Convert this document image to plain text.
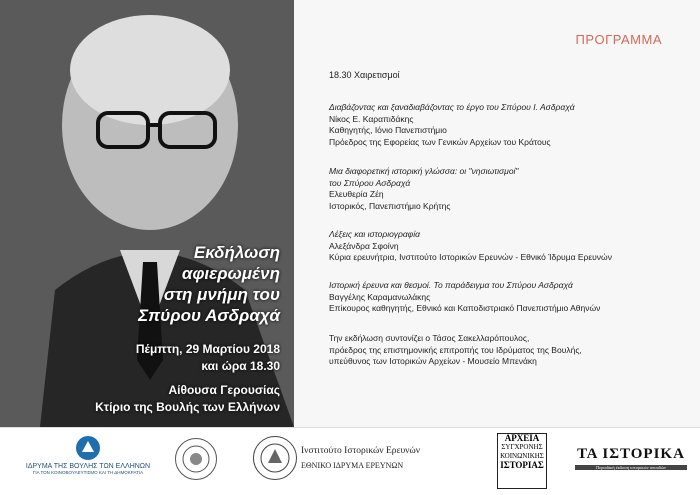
Εκδήλωση
αφιερωμένη
στη μνήμη του
Σπύρου Ασδραχά
Πέμπτη, 29 Μαρτίου 2018
και ώρα 18.30
Αίθουσα Γερουσίας
Κτίριο της Βουλής των Ελλήνων
ΠΡΟΓΡΑΜΜΑ
18.30 Χαιρετισμοί
Διαβάζοντας και ξαναδιαβάζοντας το έργο του Σπύρου Ι. Ασδραχά
Νίκος Ε. Καραπιδάκης
Καθηγητής, Ιόνιο Πανεπιστήμιο
Πρόεδρος της Εφορείας των Γενικών Αρχείων του Κράτους
Μια διαφορετική ιστορική γλώσσα: οι "νησιωτισμοί"
του Σπύρου Ασδραχά
Ελευθερία Ζέη
Ιστορικός, Πανεπιστήμιο Κρήτης
Λέξεις και ιστοριογραφία
Αλεξάνδρα Σφοίνη
Κύρια ερευνήτρια, Ινστιτούτο Ιστορικών Ερευνών - Εθνικό Ίδρυμα Ερευνών
Ιστορική έρευνα και θεσμοί. Το παράδειγμα του Σπύρου Ασδραχά
Βαγγέλης Καραμανωλάκης
Επίκουρος καθηγητής, Εθνικό και Καποδιστριακό Πανεπιστήμιο Αθηνών
Την εκδήλωση συντονίζει ο Τάσος Σακελλαρόπουλος,
πρόεδρος της επιστημονικής επιτροπής του Ιδρύματος της Βουλής,
υπεύθυνος των Ιστορικών Αρχείων - Μουσείο Μπενάκη
ΙΔΡΥΜΑ ΤΗΣ ΒΟΥΛΗΣ ΤΩΝ ΕΛΛΗΝΩΝ
ΓΙΑ ΤΟΝ ΚΟΙΝΟΒΟΥΛΕΥΤΙΣΜΟ ΚΑΙ ΤΗ ΔΗΜΟΚΡΑΤΙΑ
Ινστιτούτο Ιστορικών Ερευνών
ΕΘΝΙΚΟ ΙΔΡΥΜΑ ΕΡΕΥΝΩΝ
ΑΡΧΕΙΑ
ΣΥΓΧΡΟΝΗΣ
ΚΟΙΝΩΝΙΚΗΣ
ΙΣΤΟΡΙΑΣ
ΤΑ ΙΣΤΟΡΙΚΑ
Περιοδική έκδοση ιστορικών σπουδών
